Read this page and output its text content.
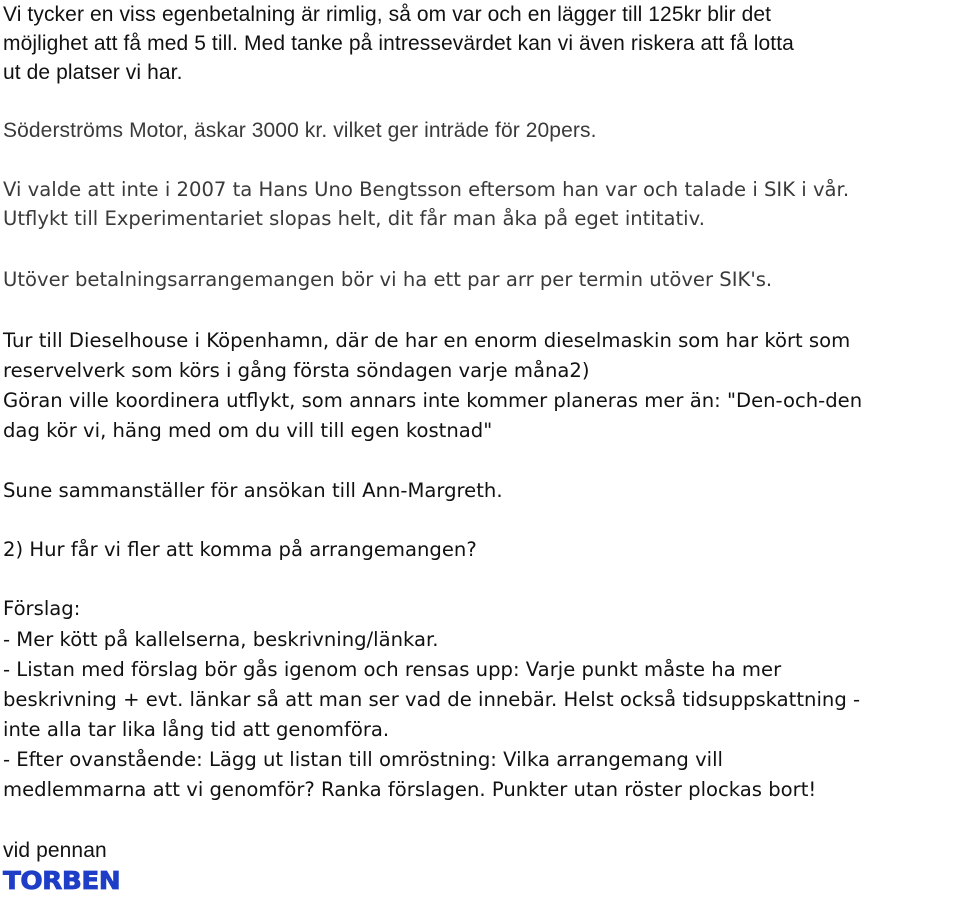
Vi tycker en viss egenbetalning är rimlig, så om var och en lägger till 125kr blir det
möjlighet att få med 5 till. Med tanke på intressevärdet kan vi även riskera att få lotta
ut de platser vi har.
Söderströms Motor, äskar 3000 kr. vilket ger inträde för 20pers.
Vi valde att inte i 2007 ta Hans Uno Bengtsson eftersom han var och talade i SIK i vår.
Utflykt till Experimentariet slopas helt, dit får man åka på eget intitativ.
Utöver betalningsarrangemangen bör vi ha ett par arr per termin utöver SIK's.
Tur till Dieselhouse i Köpenhamn, där de har en enorm dieselmaskin som har kört som
reservelverk som körs i gång första söndagen varje måna2)
Göran ville koordinera utflykt, som annars inte kommer planeras mer än: "Den-och-den
dag kör vi, häng med om du vill till egen kostnad"
Sune sammanställer för ansökan till Ann-Margreth.
2) Hur får vi fler att komma på arrangemangen?
Förslag:
- Mer kött på kallelserna, beskrivning/länkar.
- Listan med förslag bör gås igenom och rensas upp: Varje punkt måste ha mer
beskrivning + evt. länkar så att man ser vad de innebär. Helst också tidsuppskattning -
inte alla tar lika lång tid att genomföra.
- Efter ovanstående: Lägg ut listan till omröstning: Vilka arrangemang vill
medlemmarna att vi genomför? Ranka förslagen. Punkter utan röster plockas bort!
vid pennan
TORBEN
